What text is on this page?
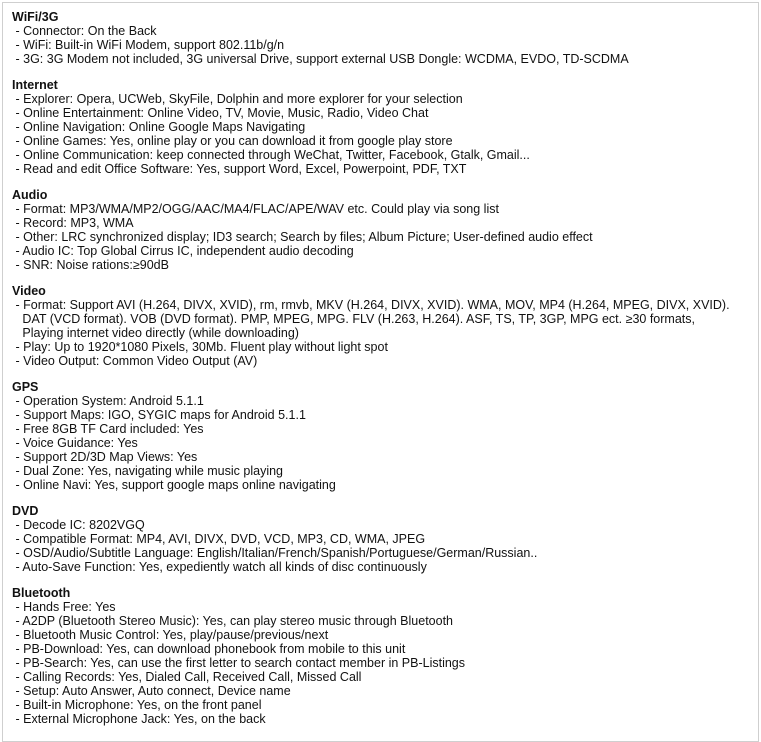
WiFi/3G
- Connector: On the Back
- WiFi: Built-in WiFi Modem, support 802.11b/g/n
- 3G: 3G Modem not included, 3G universal Drive, support external USB Dongle: WCDMA, EVDO, TD-SCDMA
Internet
- Explorer: Opera, UCWeb, SkyFile, Dolphin and more explorer for your selection
- Online Entertainment: Online Video, TV, Movie, Music, Radio, Video Chat
- Online Navigation: Online Google Maps Navigating
- Online Games: Yes, online play or you can download it from google play store
- Online Communication: keep connected through WeChat, Twitter, Facebook, Gtalk, Gmail...
- Read and edit Office Software: Yes, support Word, Excel, Powerpoint, PDF, TXT
Audio
- Format: MP3/WMA/MP2/OGG/AAC/MA4/FLAC/APE/WAV etc. Could play via song list
- Record: MP3, WMA
- Other: LRC synchronized display; ID3 search; Search by files; Album Picture; User-defined audio effect
- Audio IC: Top Global Cirrus IC, independent audio decoding
- SNR: Noise rations:≥90dB
Video
- Format: Support AVI (H.264, DIVX, XVID), rm, rmvb, MKV (H.264, DIVX, XVID). WMA, MOV, MP4 (H.264, MPEG, DIVX, XVID).
DAT (VCD format). VOB (DVD format). PMP, MPEG, MPG. FLV (H.263, H.264). ASF, TS, TP, 3GP, MPG ect. ≥30 formats,
Playing internet video directly (while downloading)
- Play: Up to 1920*1080 Pixels, 30Mb. Fluent play without light spot
- Video Output: Common Video Output (AV)
GPS
- Operation System: Android 5.1.1
- Support Maps: IGO, SYGIC maps for Android 5.1.1
- Free 8GB TF Card included: Yes
- Voice Guidance: Yes
- Support 2D/3D Map Views: Yes
- Dual Zone: Yes, navigating while music playing
- Online Navi: Yes, support google maps online navigating
DVD
- Decode IC: 8202VGQ
- Compatible Format: MP4, AVI, DIVX, DVD, VCD, MP3, CD, WMA, JPEG
- OSD/Audio/Subtitle Language: English/Italian/French/Spanish/Portuguese/German/Russian..
- Auto-Save Function: Yes, expediently watch all kinds of disc continuously
Bluetooth
- Hands Free: Yes
- A2DP (Bluetooth Stereo Music): Yes, can play stereo music through Bluetooth
- Bluetooth Music Control: Yes, play/pause/previous/next
- PB-Download: Yes, can download phonebook from mobile to this unit
- PB-Search: Yes, can use the first letter to search contact member in PB-Listings
- Calling Records: Yes, Dialed Call, Received Call, Missed Call
- Setup: Auto Answer, Auto connect, Device name
- Built-in Microphone: Yes, on the front panel
- External Microphone Jack: Yes, on the back
